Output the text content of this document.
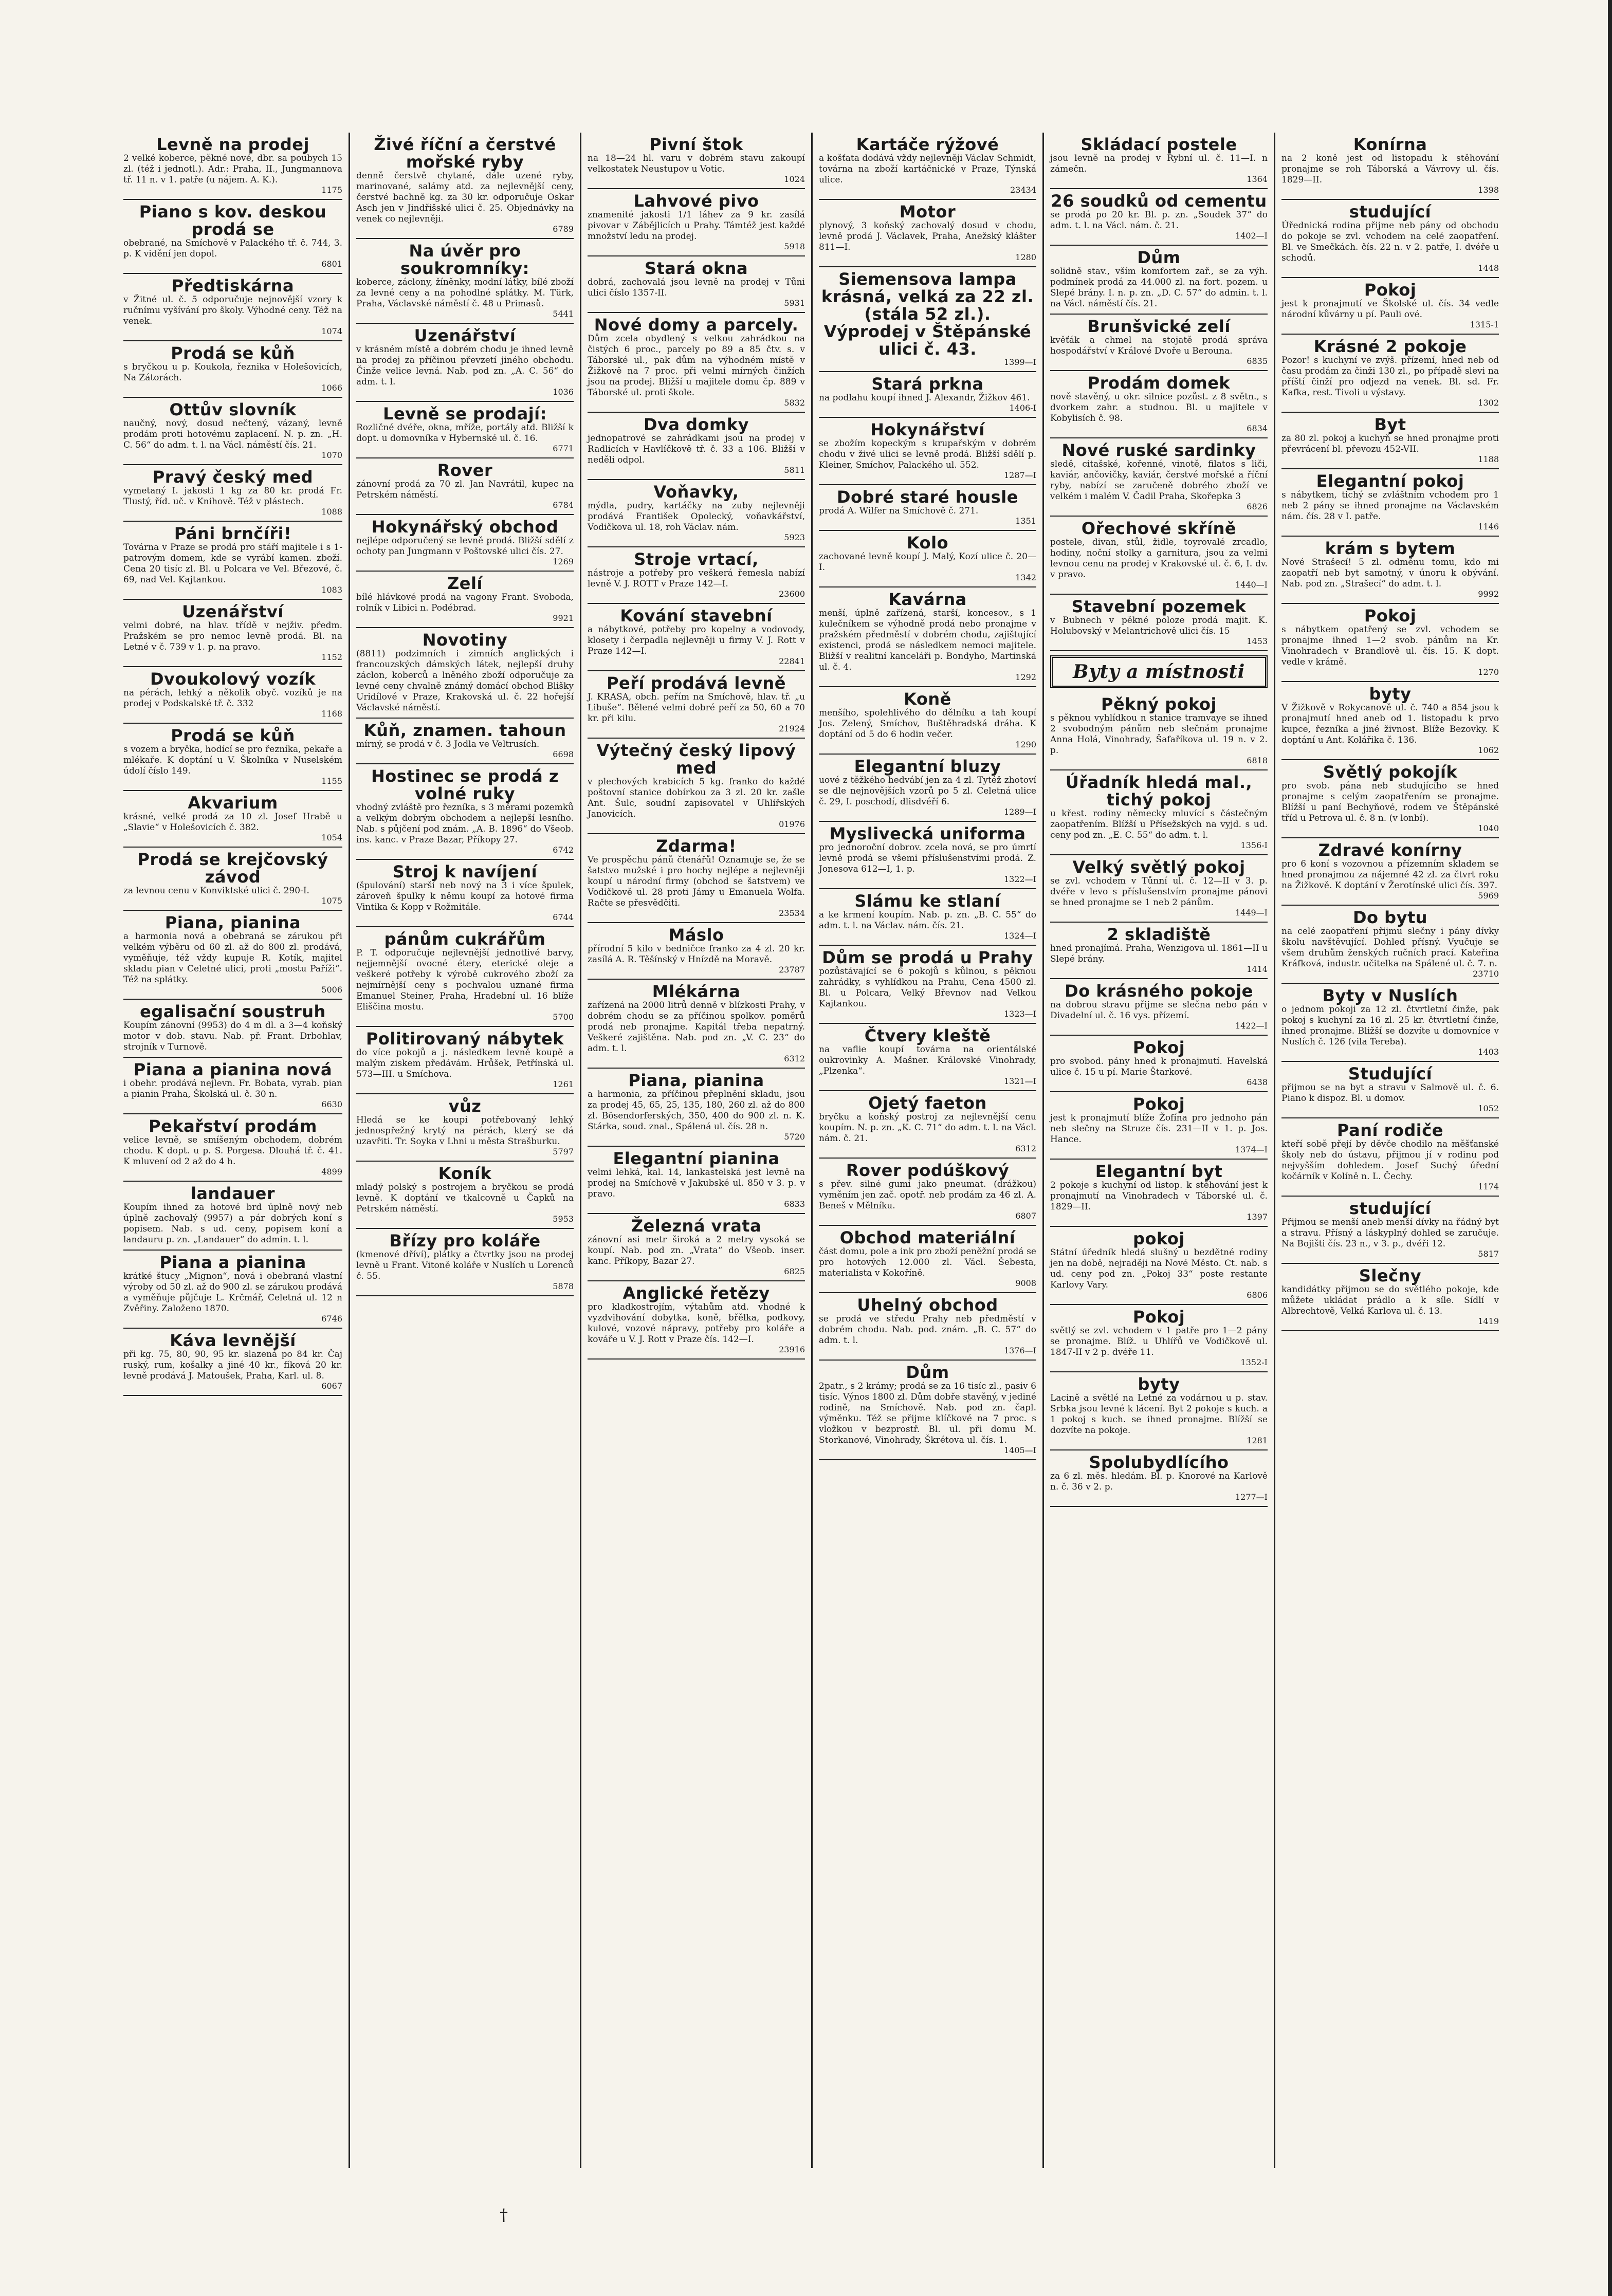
Levně na prodej

2 velké koberce, pěkné nové, dbr. sa poubych 15 zl. (též i jednotl.). Adr.: Praha, II., Jungmannova tř. 11 n. v 1. patře (u nájem. A. K.).

1175
Piano s kov. deskou prodá se

obebrané, na Smíchově v Palackého tř. č. 744, 3. p. K vidění jen dopol.

6801
Předtiskárna

v Žitné ul. č. 5 odporučuje nejnovější vzory k ručnímu vyšívání pro školy. Výhodné ceny. Též na venek.

1074
Prodá se kůň

s bryčkou u p. Koukola, řeznika v Holešovicích, Na Zátorách.

1066
Ottův slovník

naučný, nový, dosud nečtený, vázaný, levně prodám proti hotovému zaplacení. N. p. zn. „H. C. 56“ do adm. t. l. na Václ. náměstí čís. 21.

1070
Pravý český med

vymetaný I. jakosti 1 kg za 80 kr. prodá Fr. Tlustý, říd. uč. v Knihově. Též v plástech.

1088
Páni brnčíři!

Továrna v Praze se prodá pro stáří majitele i s 1-patrovým domem, kde se vyrábí kamen. zboží. Cena 20 tisíc zl. Bl. u Polcara ve Vel. Březové, č. 69, nad Vel. Kajtankou.

1083
Uzenářství

velmi dobré, na hlav. třídě v nejživ. předm. Pražském se pro nemoc levně prodá. Bl. na Letné v č. 739 v 1. p. na pravo.

1152
Dvoukolový vozík

na pérách, lehký a několik obyč. vozíků je na prodej v Podskalské tř. č. 332

1168
Prodá se kůň

s vozem a bryčka, hodící se pro řezníka, pekaře a mlékaře. K doptání u V. Školníka v Nuselském údolí číslo 149.

1155
Akvarium

krásné, velké prodá za 10 zl. Josef Hrabě u „Slavie“ v Holešovicích č. 382.

1054
Prodá se krejčovský závod

za levnou cenu v Konviktské ulici č. 290-I.

1075
Piana, pianina

a harmonia nová a obebraná se zárukou při velkém výběru od 60 zl. až do 800 zl. prodává, vyměňuje, též vždy kupuje R. Kotík, majitel skladu pian v Celetné ulici, proti „mostu Paříži“. Též na splátky.

5006
egalisační soustruh

Koupím zánovní (9953) do 4 m dl. a 3—4 koňský motor v dob. stavu. Nab. př. Frant. Drbohlav, strojník v Turnově.

Piana a pianina nová

i obehr. prodává nejlevn. Fr. Bobata, vyrab. pian a pianin Praha, Školská ul. č. 30 n.

6630
Pekařství prodám

velice levně, se smíšeným obchodem, dobrém chodu. K dopt. u p. S. Porgesa. Dlouhá tř. č. 41. K mluvení od 2 až do 4 h.

4899
landauer

Koupím ihned za hotové brd úplně nový neb úplně zachovalý (9957) a pár dobrých koní s popisem. Nab. s ud. ceny, popisem koní a landauru p. zn. „Landauer“ do admin. t. l.

Piana a pianina

krátké štucy „Mignon“, nová i obebraná vlastní výroby od 50 zl. až do 900 zl. se zárukou prodává a vyměňuje půjčuje L. Krčmář, Celetná ul. 12 n Zvěřiny. Založeno 1870.

6746
Káva levnější

při kg. 75, 80, 90, 95 kr. slazená po 84 kr. Čaj ruský, rum, košalky a jiné 40 kr., fíková 20 kr. levně prodává J. Matoušek, Praha, Karl. ul. 8.

6067
Živé říční a čerstvé mořské ryby

denně čerstvě chytané, dále uzené ryby, marinované, salámy atd. za nejlevnější ceny, čerstvé bachně kg. za 30 kr. odporučuje Oskar Asch jen v Jindřišské ulici č. 25. Objednávky na venek co nejlevněji.

6789
Na úvěr pro soukromníky:

koberce, záclony, žíněnky, modní látky, bílé zboží za levné ceny a na pohodlné splátky. M. Türk, Praha, Václavské náměstí č. 48 u Primasů.

5441
Uzenářství

v krásném místě a dobrém chodu je ihned levně na prodej za příčinou převzetí jiného obchodu. Činže velice levná. Nab. pod zn. „A. C. 56“ do adm. t. l.

1036
Levně se prodají:

Rozličné dvéře, okna, mříže, portály atd. Bližší k dopt. u domovníka v Hybernské ul. č. 16.

6771
Rover

zánovní prodá za 70 zl. Jan Navrátil, kupec na Petrském náměstí.

6784
Hokynářský obchod

nejlépe odporučený se levně prodá. Bližší sdělí z ochoty pan Jungmann v Poštovské ulici čís. 27.

1269
Zelí

bílé hlávkové prodá na vagony Frant. Svoboda, rolník v Libici n. Podébrad.

9921
Novotiny

(8811) podzimních i zimních anglických i francouzských dámských látek, nejlepší druhy záclon, koberců a lněného zboží odporučuje za levné ceny chvalně známý domácí obchod Blišky Uridílové v Praze, Krakovská ul. č. 22 hořejší Václavské náměstí.

Kůň, znamen. tahoun

mírný, se prodá v č. 3 Jodla ve Veltrusích.

6698
Hostinec se prodá z volné ruky

vhodný zvláště pro řezníka, s 3 měrami pozemků a velkým dobrým obchodem a nejlepší lesního. Nab. s půjčení pod znám. „A. B. 1896“ do Všeob. ins. kanc. v Praze Bazar, Příkopy 27.

6742
Stroj k navíjení

(špulování) starší neb nový na 3 i více špulek, zároveň špulky k němu koupí za hotové firma Vintika & Kopp v Rožmitále.

6744
pánům cukrářům

P. T. odporučuje nejlevnější jednotlivé barvy, nejjemnější ovocné étery, eterické oleje a veškeré potřeby k výrobě cukrového zboží za nejmírnější ceny s pochvalou uznané firma Emanuel Steiner, Praha, Hradební ul. 16 blíže Eliščina mostu.

5700
Politirovaný nábytek

do více pokojů a j. následkem levně koupě a malým ziskem předávám. Hrůšek, Petřínská ul. 573—III. u Smíchova.

1261
vůz

Hledá se ke koupi potřebovaný lehký jednospřežný krytý na pérách, který se dá uzavřiti. Tr. Soyka v Lhni u města Strašburku.

5797
Koník

mladý polský s postrojem a bryčkou se prodá levně. K doptání ve tkalcovně u Čapků na Petrském náměstí.

5953
Břízy pro koláře

(kmenové dříví), plátky a čtvrtky jsou na prodej levně u Frant. Vitoně koláře v Nuslích u Lorenců č. 55.

5878
Pivní štok

na 18—24 hl. varu v dobrém stavu zakoupí velkostatek Neustupov u Votic.

1024
Lahvové pivo

znamenité jakosti 1/1 láhev za 9 kr. zasílá pivovar v Zábějlicích u Prahy. Támtéž jest každé množství ledu na prodej.

5918
Stará okna

dobrá, zachovalá jsou levně na prodej v Tůni ulici číslo 1357-II.

5931
Nové domy a parcely.

Dům zcela obydlený s velkou zahrádkou na čistých 6 proc., parcely po 89 a 85 čtv. s. v Táborské ul., pak dům na výhodném místě v Žižkově na 7 proc. při velmi mírných činžích jsou na prodej. Bližší u majitele domu čp. 889 v Táborské ul. proti škole.

5832
Dva domky

jednopatrové se zahrádkami jsou na prodej v Radlicích v Havlíčkově tř. č. 33 a 106. Bližší v neděli odpol.

5811
Voňavky,

mýdla, pudry, kartáčky na zuby nejlevněji prodává František Opolecký, voňavkářství, Vodičkova ul. 18, roh Václav. nám.

5923
Stroje vrtací,

nástroje a potřeby pro veškerá řemesla nabízí levně V. J. ROTT v Praze 142—I.

23600
Kování stavební

a nábytkové, potřeby pro kopelny a vodovody, klosety i čerpadla nejlevněji u firmy V. J. Rott v Praze 142—I.

22841
Peří prodává levně

J. KRASA, obch. peřím na Smíchově, hlav. tř. „u Libuše“. Bělené velmi dobré peří za 50, 60 a 70 kr. při kilu.

21924
Výtečný český lipový med

v plechových krabicích 5 kg. franko do každé poštovní stanice dobírkou za 3 zl. 20 kr. zašle Ant. Šulc, soudní zapisovatel v Uhlířských Janovicích.

01976
Zdarma!

Ve prospěchu pánů čtenářů! Oznamuje se, že se šatstvo mužské i pro hochy nejlépe a nejlevněji koupí u národní firmy (obchod se šatstvem) ve Vodičkově ul. 28 proti Jámy u Emanuela Wolfa. Račte se přesvědčiti.

23534
Máslo

přírodní 5 kilo v bedničce franko za 4 zl. 20 kr. zasílá A. R. Těšínský v Hnízdě na Moravě.

23787
Mlékárna

zařízená na 2000 litrů denně v blízkosti Prahy, v dobrém chodu se za příčinou spolkov. poměrů prodá neb pronajme. Kapitál třeba nepatrný. Veškeré zajištěna. Nab. pod zn. „V. C. 23“ do adm. t. l.

6312
Piana, pianina

a harmonia, za příčinou přeplnění skladu, jsou za prodej 45, 65, 25, 135, 180, 260 zl. až do 800 zl. Bösendorferských, 350, 400 do 900 zl. n. K. Stárka, soud. znal., Spálená ul. čís. 28 n.

5720
Elegantní pianina

velmi lehká, kal. 14, lankastelská jest levně na prodej na Smíchově v Jakubské ul. 850 v 3. p. v pravo.

6833
Železná vrata

zánovní asi metr široká a 2 metry vysoká se koupí. Nab. pod zn. „Vrata“ do Všeob. inser. kanc. Příkopy, Bazar 27.

6825
Anglické řetězy

pro kladkostrojím, výtahům atd. vhodné k vyzdvihování dobytka, koně, břělka, podkovy, kulové, vozové nápravy, potřeby pro koláře a kováře u V. J. Rott v Praze čís. 142—I.

23916
Kartáče rýžové

a košťata dodává vždy nejlevněji Václav Schmidt, továrna na zboží kartáčnické v Praze, Týnská ulice.

23434
Motor

plynový, 3 koňský zachovalý dosud v chodu, levně prodá J. Václavek, Praha, Anežský klášter 811—I.

1280
Siemensova lampa krásná, velká za 22 zl. (stála 52 zl.). Výprodej v Štěpánské ulici č. 43.
1399—I
Stará prkna

na podlahu koupí ihned J. Alexandr, Žižkov 461.

1406-I
Hokynářství

se zbožím kopeckým s krupařským v dobrém chodu v živé ulici se levně prodá. Bližší sdělí p. Kleiner, Smíchov, Palackého ul. 552.

1287—I
Dobré staré housle

prodá A. Wilfer na Smíchově č. 271.

1351
Kolo

zachované levně koupí J. Malý, Kozí ulice č. 20—I.

1342
Kavárna

menší, úplně zařízená, starší, koncesov., s 1 kulečníkem se výhodně prodá nebo pronajme v pražském předměstí v dobrém chodu, zajištující existenci, prodá se následkem nemoci majitele. Bližší v realitní kanceláři p. Bondyho, Martinská ul. č. 4.

1292
Koně

menšího, spolehlivého do dělníku a tah koupí Jos. Zelený, Smíchov, Buštěhradská dráha. K doptání od 5 do 6 hodin večer.

1290
Elegantní bluzy

uové z těžkého hedvábí jen za 4 zl. Tytéž zhotoví se dle nejnovějších vzorů po 5 zl. Celetná ulice č. 29, I. poschodí, dlisdvéří 6.

1289—I
Myslivecká uniforma

pro jednoroční dobrov. zcela nová, se pro úmrtí levně prodá se všemi příslušenstvími prodá. Z. Jonesova 612—I, 1. p.

1322—I
Slámu ke stlaní

a ke krmení koupím. Nab. p. zn. „B. C. 55“ do adm. t. l. na Václav. nám. čís. 21.

1324—I
Dům se prodá u Prahy

pozůstávající se 6 pokojů s kůlnou, s pěknou zahrádky, s vyhlídkou na Prahu, Cena 4500 zl. Bl. u Polcara, Velký Břevnov nad Velkou Kajtankou.

1323—I
Čtvery kleště

na vaflie koupí továrna na orientálské oukrovinky A. Mašner. Královské Vinohrady, „Plzenka“.

1321—I
Ojetý faeton

bryčku a koňský postroj za nejlevnější cenu koupím. N. p. zn. „K. C. 71“ do adm. t. l. na Václ. nám. č. 21.

6312
Rover podúškový

s přev. silné gumi jako pneumat. (drážkou) vyměním jen zač. opotř. neb prodám za 46 zl. A. Beneš v Mělníku.

6807
Obchod materiální

část domu, pole a ink pro zboží peněžní prodá se pro hotových 12.000 zl. Václ. Šebesta, materialista v Kokoříně.

9008
Uhelný obchod

se prodá ve středu Prahy neb předměstí v dobrém chodu. Nab. pod. znám. „B. C. 57“ do adm. t. l.

1376—I
Dům

2patr., s 2 krámy; prodá se za 16 tisíc zl., pasiv 6 tisíc. Výnos 1800 zl. Dům dobře stavěný, v jediné rodině, na Smíchově. Nab. pod zn. čapl. výměnku. Též se přijme klíčkové na 7 proc. s vložkou v bezprostř. Bl. ul. při domu M. Storkanové, Vinohrady, Škrétova ul. čís. 1.

1405—I
Skládací postele

jsou levně na prodej v Rybní ul. č. 11—I. n zámečn.

1364
26 soudků od cementu

se prodá po 20 kr. Bl. p. zn. „Soudek 37“ do adm. t. l. na Václ. nám. č. 21.

1402—I
Dům

solidně stav., vším komfortem zař., se za výh. podmínek prodá za 44.000 zl. na fort. pozem. u Slepé brány. I. n. p. zn. „D. C. 57“ do admin. t. l. na Václ. náměstí čís. 21.

Brunšvické zelí

kvěťák a chmel na stojatě prodá správa hospodářství v Králové Dvoře u Berouna.

6835
Prodám domek

nově stavěný, u okr. silnice pozůst. z 8 světn., s dvorkem zahr. a studnou. Bl. u majitele v Kobylisích č. 98.

6834
Nové ruské sardinky

sledě, citašské, kořenné, vinotě, filatos s liči, kaviár, ančovičky, kaviár, čerstvé mořské a říční ryby, nabízí se zaručeně dobrého zboží ve velkém i malém V. Čadil Praha, Skořepka 3

6826
Ořechové skříně

postele, divan, stůl, židle, toyrovalé zrcadlo, hodiny, noční stolky a garnitura, jsou za velmi levnou cenu na prodej v Krakovské ul. č. 6, I. dv. v pravo.

1440—I
Stavební pozemek

v Bubnech v pěkné poloze prodá majit. K. Holubovský v Melantrichově ulici čís. 15

1453
Byty a místnosti
Pěkný pokoj

s pěknou vyhlídkou n stanice tramvaye se ihned 2 svobodným pánům neb slečnám pronajme Anna Holá, Vinohrady, Šafaříkova ul. 19 n. v 2. p.

6818
Úřadník hledá mal., tichý pokoj

u křest. rodiny německy mluvící s částečným zaopatřením. Blížší u Přísežských na vyjd. s ud. ceny pod zn. „E. C. 55“ do adm. t. l.

1356-I
Velký světlý pokoj

se zvl. vchodem v Tůnní ul. č. 12—II v 3. p. dvéře v levo s příslušenstvím pronajme pánovi se hned pronajme se 1 neb 2 pánům.

1449—I
2 skladiště

hned pronajímá. Praha, Wenzigova ul. 1861—II u Slepé brány.

1414
Do krásného pokoje

na dobrou stravu přijme se slečna nebo pán v Divadelní ul. č. 16 vys. přízemí.

1422—I
Pokoj

pro svobod. pány hned k pronajmutí. Havelská ulice č. 15 u pí. Marie Štarkové.

6438
Pokoj

jest k pronajmutí blíže Žofína pro jednoho pán neb slečny na Struze čís. 231—II v 1. p. Jos. Hance.

1374—I
Elegantní byt

2 pokoje s kuchyní od listop. k stěhování jest k pronajmutí na Vinohradech v Táborské ul. č. 1829—II.

1397
pokoj

Státní úředník hledá slušný u bezdětné rodiny jen na době, nejraději na Nové Město. Ct. nab. s ud. ceny pod zn. „Pokoj 33“ poste restante Karlovy Vary.

6806
Pokoj

světlý se zvl. vchodem v 1 patře pro 1—2 pány se pronajme. Blíž. u Uhlířů ve Vodičkově ul. 1847-II v 2 p. dvéře 11.

1352-I
byty

Lacině a světlé na Letné za vodárnou u p. stav. Srbka jsou levné k lácení. Byt 2 pokoje s kuch. a 1 pokoj s kuch. se ihned pronajme. Blížší se dozvíte na pokoje.

1281
Spolubydlícího

za 6 zl. měs. hledám. Bl. p. Knorové na Karlově n. č. 36 v 2. p.

1277—I
Konírna

na 2 koně jest od listopadu k stěhování pronajme se roh Táborská a Vávrovy ul. čís. 1829—II.

1398
studující

Úřednická rodina přijme neb pány od obchodu do pokoje se zvl. vchodem na celé zaopatření. Bl. ve Smečkách. čís. 22 n. v 2. patře, I. dvéře u schodů.

1448
Pokoj

jest k pronajmutí ve Školské ul. čís. 34 vedle národní kůvárny u pí. Pauli ové.

1315-1
Krásné 2 pokoje

Pozor! s kuchyní ve zvýš. přízemí, hned neb od času prodám za činži 130 zl., po případě slevi na příští činží pro odjezd na venek. Bl. sd. Fr. Kafka, rest. Tivoli u výstavy.

1302
Byt

za 80 zl. pokoj a kuchyň se hned pronajme proti převrácení bl. převozu 452-VII.

1188
Elegantní pokoj

s nábytkem, tichý se zvláštním vchodem pro 1 neb 2 pány se ihned pronajme na Václavském nám. čís. 28 v I. patře.

1146
krám s bytem

Nové Strašecí! 5 zl. odměnu tomu, kdo mi zaopatří neb byt samotný, v únoru k obývání. Nab. pod zn. „Strašecí“ do adm. t. l.

9992
Pokoj

s nábytkem opatřený se zvl. vchodem se pronajme ihned 1—2 svob. pánům na Kr. Vinohradech v Brandlově ul. čís. 15. K dopt. vedle v krámě.

1270
byty

V Žižkově v Rokycanově ul. č. 740 a 854 jsou k pronajmutí hned aneb od 1. listopadu k prvo kupce, řezníka a jiné živnost. Blíže Bezovky. K doptání u Ant. Kolářika č. 136.

1062
Světlý pokojík

pro svob. pána neb studujícího se hned pronajme s celým zaopatřením se pronajme. Blížší u paní Bechyňové, rodem ve Štěpánské tříd u Petrova ul. č. 8 n. (v lonbí).

1040
Zdravé konírny

pro 6 koní s vozovnou a přízemním skladem se hned pronajmou za nájemné 42 zl. za čtvrt roku na Žižkově. K doptání v Žerotínské ulici čís. 397.

5969
Do bytu

na celé zaopatření přijmu slečny i pány dívky školu navštěvující. Dohled přísný. Vyučuje se všem druhům ženských ručních prací. Kateřina Kráfková, industr. učitelka na Spálené ul. č. 7. n.

23710
Byty v Nuslích

o jednom pokoji za 12 zl. čtvrtletní činže, pak pokoj s kuchyní za 16 zl. 25 kr. čtvrtletní činže, ihned pronajme. Bližší se dozvíte u domovníce v Nuslích č. 126 (vila Tereba).

1403
Studující

přijmou se na byt a stravu v Salmově ul. č. 6. Piano k dispoz. Bl. u domov.

1052
Paní rodiče

kteří sobě přejí by děvče chodilo na měšťanské školy neb do ústavu, přijmou jí v rodinu pod nejvyšším dohledem. Josef Suchý úřední kočárník v Kolíně n. L. Čechy.

1174
studující

Přijmou se menší aneb menší dívky na řádný byt a stravu. Přísný a láskyplný dohled se zaručuje. Na Bojišti čís. 23 n., v 3. p., dvéři 12.

5817
Slečny

kandidátky přijmou se do světlého pokoje, kde můžete ukládat prádlo a k síle. Sídlí v Albrechtově, Velká Karlova ul. č. 13.

1419
†
